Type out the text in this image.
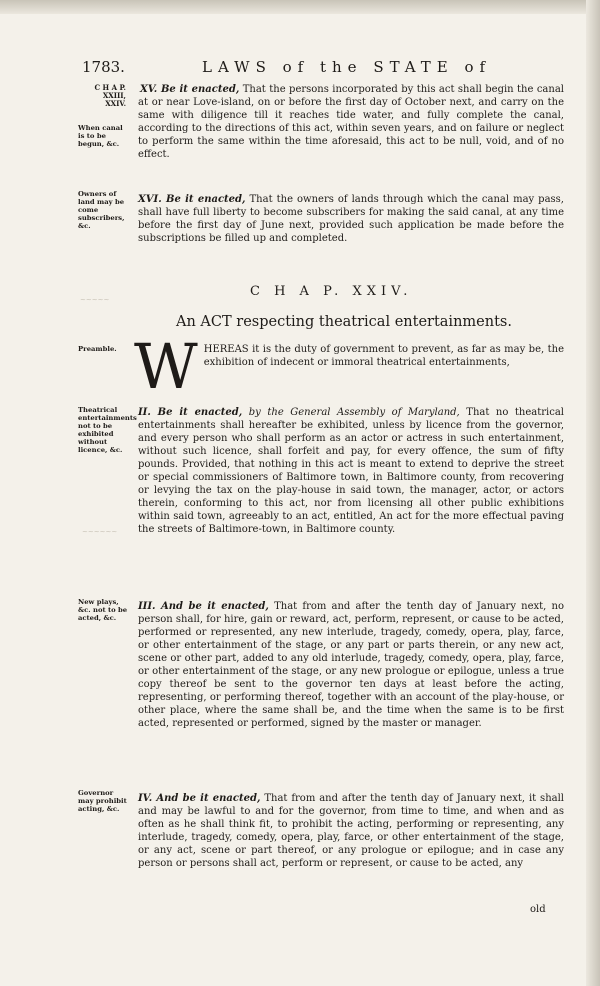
1783.	LAWS of the STATE of
C H A P. XXIII, XXIV.
When canal is to be begun, &c.
XV. Be it enacted, That the persons incorporated by this act shall begin the canal at or near Love-island, on or before the first day of October next, and carry on the same with diligence till it reaches tide water, and fully complete the canal, according to the directions of this act, within seven years, and on failure or neglect to perform the same within the time aforesaid, this act to be null, void, and of no effect.
Owners of land may be come subscribers, &c.
XVI. Be it enacted, That the owners of lands through which the canal may pass, shall have full liberty to become subscribers for making the said canal, at any time before the first day of June next, provided such application be made before the subscriptions be filled up and completed.
~~~~~
C H A P. XXIV.
An ACT respecting theatrical entertainments.
Preamble. W HEREAS it is the duty of government to prevent, as far as may be, the exhibition of indecent or immoral theatrical entertainments,
Theatrical entertainments not to be exhibited without licence, &c.
II. Be it enacted, by the General Assembly of Maryland, That no theatrical entertainments shall hereafter be exhibited, unless by licence from the governor, and every person who shall perform as an actor or actress in such entertainment, without such licence, shall forfeit and pay, for every offence, the sum of fifty pounds. Provided, that nothing in this act is meant to extend to deprive the street or special commissioners of Baltimore town, in Baltimore county, from recovering or levying the tax on the play-house in said town, the manager, actor, or actors therein, conforming to this act, nor from licensing all other public exhibitions within said town, agreeably to an act, entitled, An act for the more effectual paving the streets of Baltimore-town, in Baltimore county.
~~~~~~
New plays, &c. not to be acted, &c.
III. And be it enacted, That from and after the tenth day of January next, no person shall, for hire, gain or reward, act, perform, represent, or cause to be acted, performed or represented, any new interlude, tragedy, comedy, opera, play, farce, or other entertainment of the stage, or any part or parts therein, or any new act, scene or other part, added to any old interlude, tragedy, comedy, opera, play, farce, or other entertainment of the stage, or any new prologue or epilogue, unless a true copy thereof be sent to the governor ten days at least before the acting, representing, or performing thereof, together with an account of the play-house, or other place, where the same shall be, and the time when the same is to be first acted, represented or performed, signed by the master or manager.
Governor may prohibit acting, &c.
IV. And be it enacted, That from and after the tenth day of January next, it shall and may be lawful to and for the governor, from time to time, and when and as often as he shall think fit, to prohibit the acting, performing or representing, any interlude, tragedy, comedy, opera, play, farce, or other entertainment of the stage, or any act, scene or part thereof, or any prologue or epilogue; and in case any person or persons shall act, perform or represent, or cause to be acted, any
old
